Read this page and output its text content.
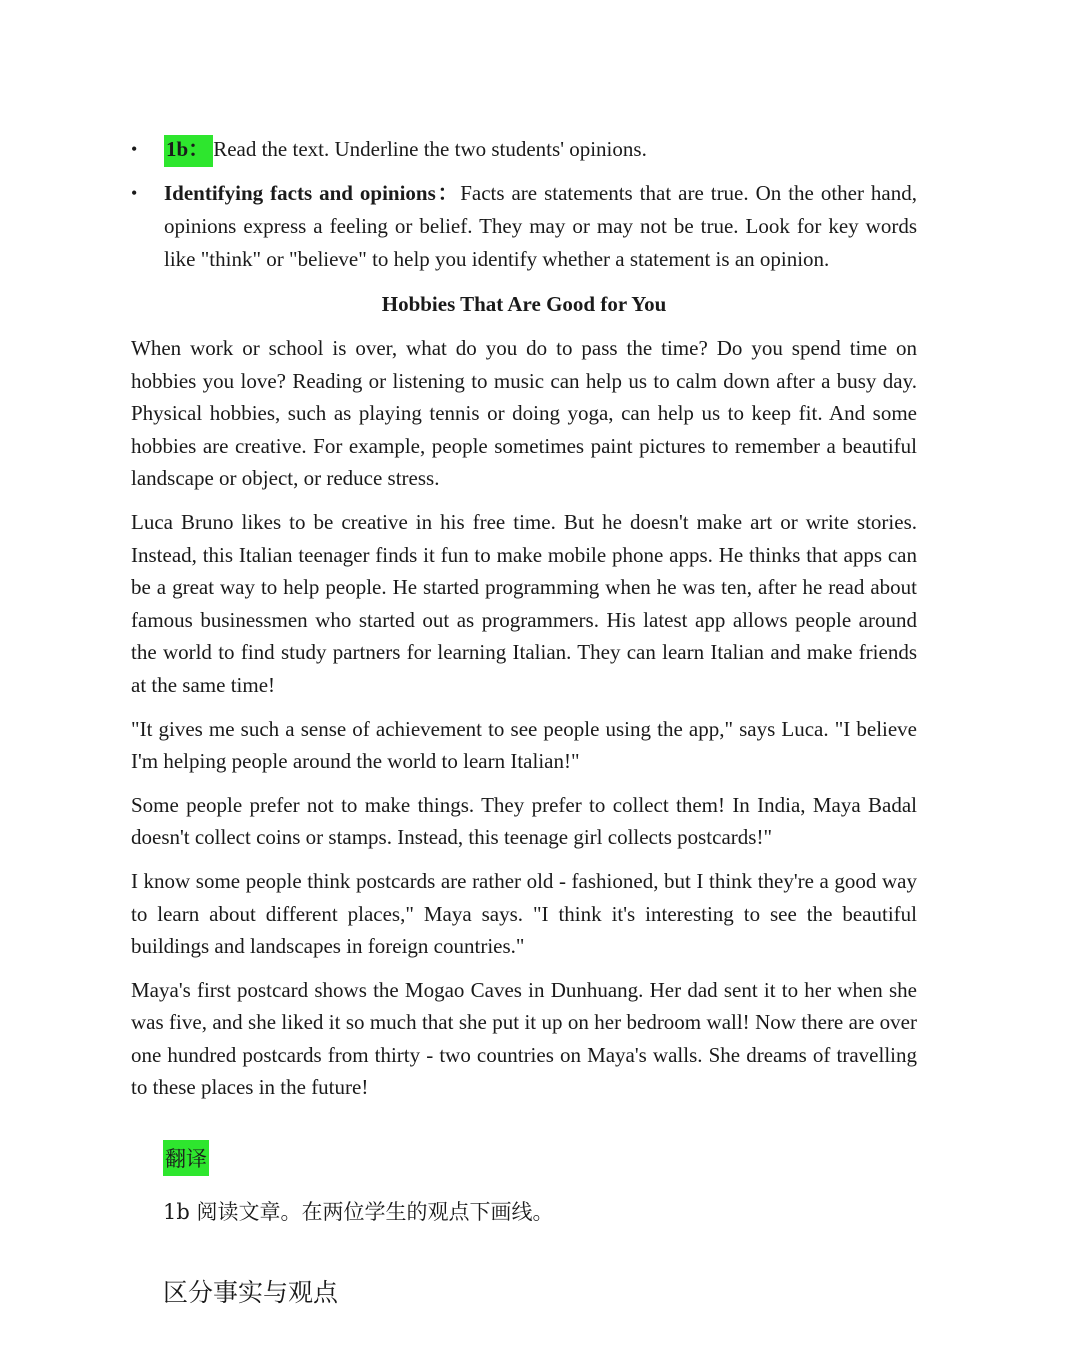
• 1b： Read the text. Underline the two students' opinions.
• Identifying facts and opinions：Facts are statements that are true. On the other hand, opinions express a feeling or belief. They may or may not be true. Look for key words like "think" or "believe" to help you identify whether a statement is an opinion.
Hobbies That Are Good for You

When work or school is over, what do you do to pass the time? Do you spend time on hobbies you love? Reading or listening to music can help us to calm down after a busy day. Physical hobbies, such as playing tennis or doing yoga, can help us to keep fit. And some hobbies are creative. For example, people sometimes paint pictures to remember a beautiful landscape or object, or reduce stress.

Luca Bruno likes to be creative in his free time. But he doesn't make art or write stories. Instead, this Italian teenager finds it fun to make mobile phone apps. He thinks that apps can be a great way to help people. He started programming when he was ten, after he read about famous businessmen who started out as programmers. His latest app allows people around the world to find study partners for learning Italian. They can learn Italian and make friends at the same time!

"It gives me such a sense of achievement to see people using the app," says Luca. "I believe I'm helping people around the world to learn Italian!"

Some people prefer not to make things. They prefer to collect them! In India, Maya Badal doesn't collect coins or stamps. Instead, this teenage girl collects postcards!"

I know some people think postcards are rather old - fashioned, but I think they're a good way to learn about different places," Maya says. "I think it's interesting to see the beautiful buildings and landscapes in foreign countries."

Maya's first postcard shows the Mogao Caves in Dunhuang. Her dad sent it to her when she was five, and she liked it so much that she put it up on her bedroom wall! Now there are over one hundred postcards from thirty - two countries on Maya's walls. She dreams of travelling to these places in the future!

翻译

1b 阅读文章。在两位学生的观点下画线。

区分事实与观点
